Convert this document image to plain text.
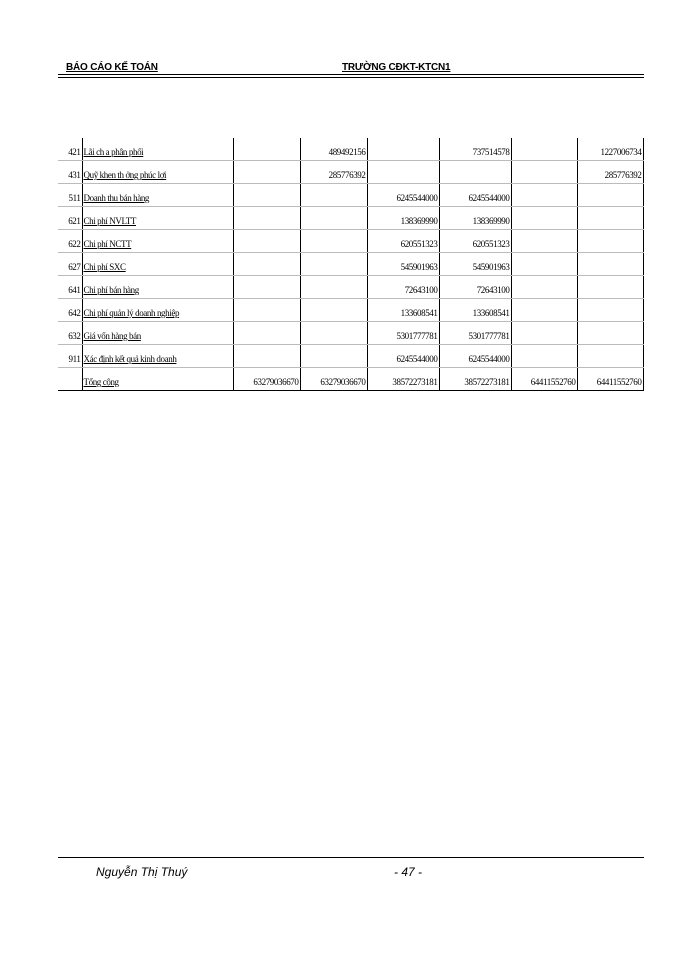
BÁO CÁO KẾ TOÁN	TRƯỜNG CĐKT-KTCN1
421	Lãi ch a phân phối		489492156		737514578		1227006734
431	Quỹ khen th ởng phúc lợi		285776392				285776392
511	Doanh thu bán hàng			6245544000	6245544000		
621	Chi phí NVLTT			138369990	138369990		
622	Chi phí NCTT			620551323	620551323		
627	Chi phí SXC			545901963	545901963		
641	Chi phí bán hàng			72643100	72643100		
642	Chi phí quản lý doanh nghiệp			133608541	133608541		
632	Giá vốn hàng bán			5301777781	5301777781		
911	Xác định kết quả kinh doanh			6245544000	6245544000		
	Tổng cộng	63279036670	63279036670	38572273181	38572273181	64411552760	64411552760
Nguyễn Thị Thuý	- 47 -
